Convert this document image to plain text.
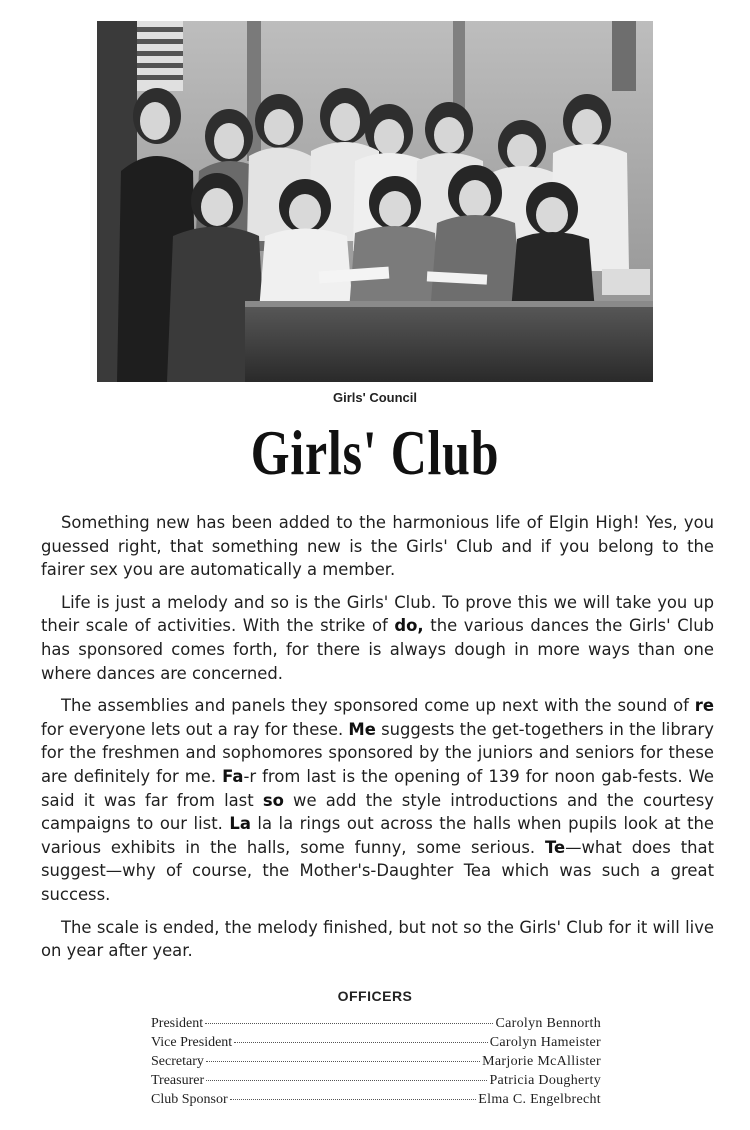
Girls' Council
Girls' Club

Something new has been added to the harmonious life of Elgin High! Yes, you guessed right, that something new is the Girls' Club and if you belong to the fairer sex you are automatically a member.

Life is just a melody and so is the Girls' Club. To prove this we will take you up their scale of activities. With the strike of do, the various dances the Girls' Club has sponsored comes forth, for there is always dough in more ways than one where dances are concerned.

The assemblies and panels they sponsored come up next with the sound of re for everyone lets out a ray for these. Me suggests the get-togethers in the library for the freshmen and sophomores sponsored by the juniors and seniors for these are definitely for me. Fa-r from last is the opening of 139 for noon gab-fests. We said it was far from last so we add the style introductions and the courtesy campaigns to our list. La la la rings out across the halls when pupils look at the various exhibits in the halls, some funny, some serious. Te—what does that suggest—why of course, the Mother's-Daughter Tea which was such a great success.

The scale is ended, the melody finished, but not so the Girls' Club for it will live on year after year.

OFFICERS
President	Carolyn Bennorth
Vice President	Carolyn Hameister
Secretary	Marjorie McAllister
Treasurer	Patricia Dougherty
Club Sponsor	Elma C. Engelbrecht
